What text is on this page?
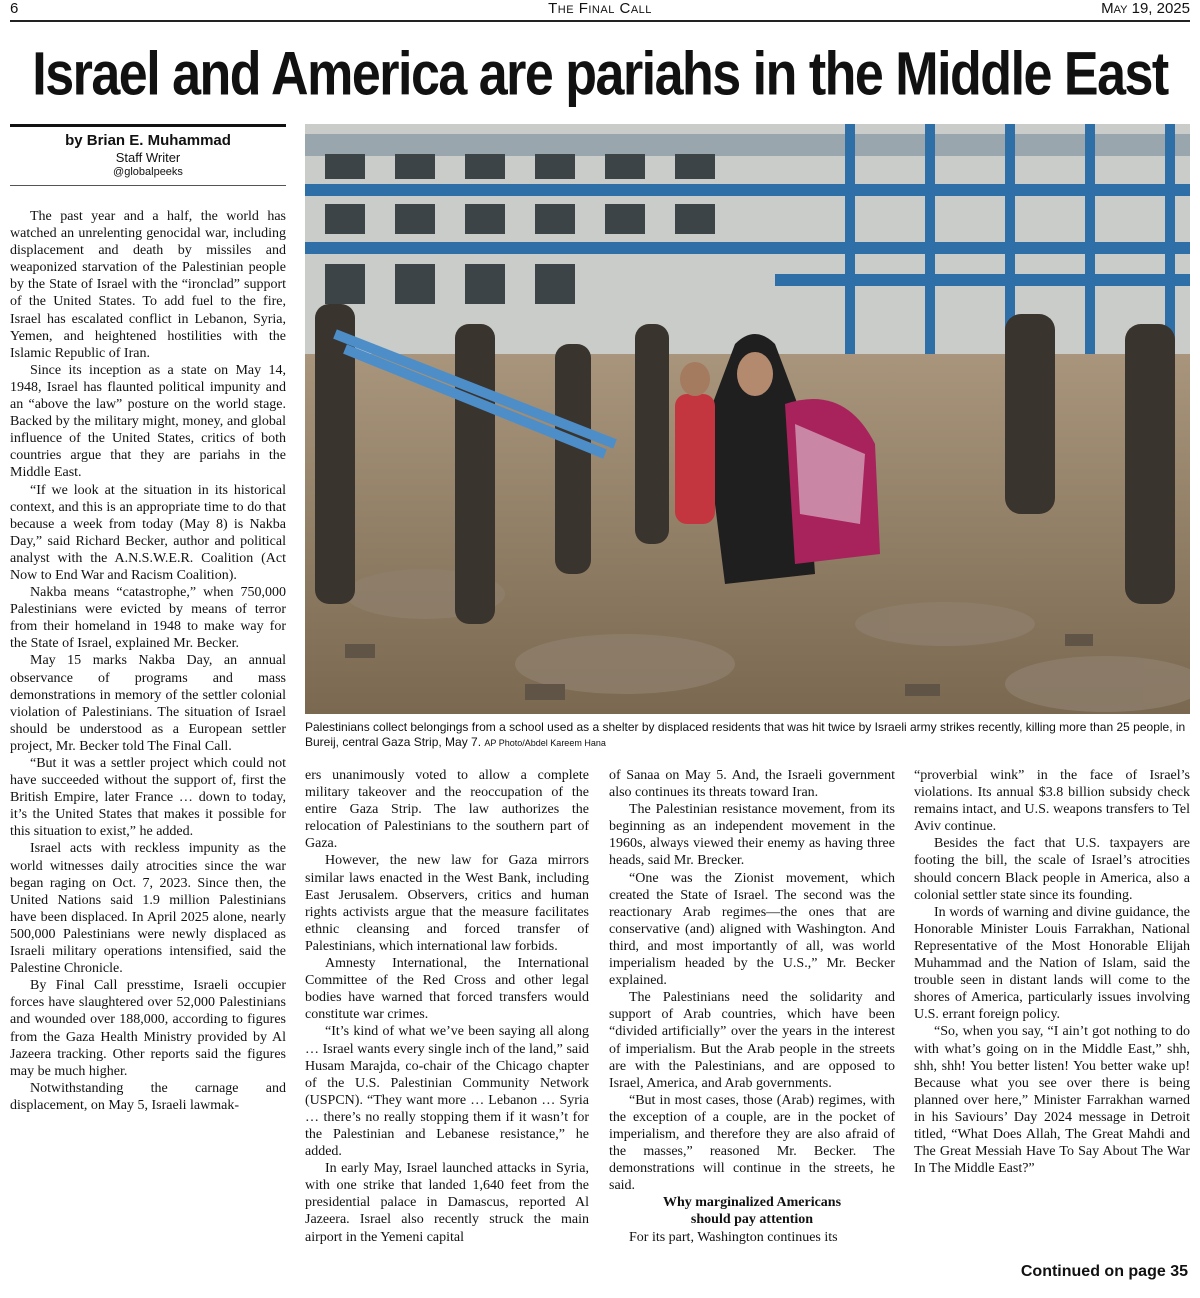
6	The Final Call	May 19, 2025
Israel and America are pariahs in the Middle East
by Brian E. Muhammad
Staff Writer
@globalpeeks
Palestinians collect belongings from a school used as a shelter by displaced residents that was hit twice by Israeli army strikes recently, killing more than 25 people, in Bureij, central Gaza Strip, May 7. AP Photo/Abdel Kareem Hana

The past year and a half, the world has watched an unrelenting genocidal war, including displacement and death by missiles and weaponized starvation of the Palestinian people by the State of Israel with the “ironclad” support of the United States. To add fuel to the fire, Israel has escalated conflict in Lebanon, Syria, Yemen, and heightened hostilities with the Islamic Republic of Iran.

Since its inception as a state on May 14, 1948, Israel has flaunted political impunity and an “above the law” posture on the world stage. Backed by the military might, money, and global influence of the United States, critics of both countries argue that they are pariahs in the Middle East.

“If we look at the situation in its historical context, and this is an appropriate time to do that because a week from today (May 8) is Nakba Day,” said Richard Becker, author and political analyst with the A.N.S.W.E.R. Coalition (Act Now to End War and Racism Coalition).

Nakba means “catastrophe,” when 750,000 Palestinians were evicted by means of terror from their homeland in 1948 to make way for the State of Israel, explained Mr. Becker.

May 15 marks Nakba Day, an annual observance of programs and mass demonstrations in memory of the settler colonial violation of Palestinians. The situation of Israel should be understood as a European settler project, Mr. Becker told The Final Call.

“But it was a settler project which could not have succeeded without the support of, first the British Empire, later France … down to today, it’s the United States that makes it possible for this situation to exist,” he added.

Israel acts with reckless impunity as the world witnesses daily atrocities since the war began raging on Oct. 7, 2023. Since then, the United Nations said 1.9 million Palestinians have been displaced. In April 2025 alone, nearly 500,000 Palestinians were newly displaced as Israeli military operations intensified, said the Palestine Chronicle.

By Final Call presstime, Israeli occupier forces have slaughtered over 52,000 Palestinians and wounded over 188,000, according to figures from the Gaza Health Ministry provided by Al Jazeera tracking. Other reports said the figures may be much higher.

Notwithstanding the carnage and displacement, on May 5, Israeli lawmak-

ers unanimously voted to allow a complete military takeover and the reoccupation of the entire Gaza Strip. The law authorizes the relocation of Palestinians to the southern part of Gaza.

However, the new law for Gaza mirrors similar laws enacted in the West Bank, including East Jerusalem. Observers, critics and human rights activists argue that the measure facilitates ethnic cleansing and forced transfer of Palestinians, which international law forbids.

Amnesty International, the International Committee of the Red Cross and other legal bodies have warned that forced transfers would constitute war crimes.

“It’s kind of what we’ve been saying all along … Israel wants every single inch of the land,” said Husam Marajda, co-chair of the Chicago chapter of the U.S. Palestinian Community Network (USPCN). “They want more … Lebanon … Syria … there’s no really stopping them if it wasn’t for the Palestinian and Lebanese resistance,” he added.

In early May, Israel launched attacks in Syria, with one strike that landed 1,640 feet from the presidential palace in Damascus, reported Al Jazeera. Israel also recently struck the main airport in the Yemeni capital

of Sanaa on May 5. And, the Israeli government also continues its threats toward Iran.

The Palestinian resistance movement, from its beginning as an independent movement in the 1960s, always viewed their enemy as having three heads, said Mr. Brecker.

“One was the Zionist movement, which created the State of Israel. The second was the reactionary Arab regimes—the ones that are conservative (and) aligned with Washington. And third, and most importantly of all, was world imperialism headed by the U.S.,” Mr. Becker explained.

The Palestinians need the solidarity and support of Arab countries, which have been “divided artificially” over the years in the interest of imperialism. But the Arab people in the streets are with the Palestinians, and are opposed to Israel, America, and Arab governments.

“But in most cases, those (Arab) regimes, with the exception of a couple, are in the pocket of imperialism, and therefore they are also afraid of the masses,” reasoned Mr. Becker. The demonstrations will continue in the streets, he said.

Why marginalized Americans
should pay attention

For its part, Washington continues its

“proverbial wink” in the face of Israel’s violations. Its annual $3.8 billion subsidy check remains intact, and U.S. weapons transfers to Tel Aviv continue.

Besides the fact that U.S. taxpayers are footing the bill, the scale of Israel’s atrocities should concern Black people in America, also a colonial settler state since its founding.

In words of warning and divine guidance, the Honorable Minister Louis Farrakhan, National Representative of the Most Honorable Elijah Muhammad and the Nation of Islam, said the trouble seen in distant lands will come to the shores of America, particularly issues involving U.S. errant foreign policy.

“So, when you say, “I ain’t got nothing to do with what’s going on in the Middle East,” shh, shh, shh! You better listen! You better wake up! Because what you see over there is being planned over here,” Minister Farrakhan warned in his Saviours’ Day 2024 message in Detroit titled, “What Does Allah, The Great Mahdi and The Great Messiah Have To Say About The War In The Middle East?”

Continued on page 35
